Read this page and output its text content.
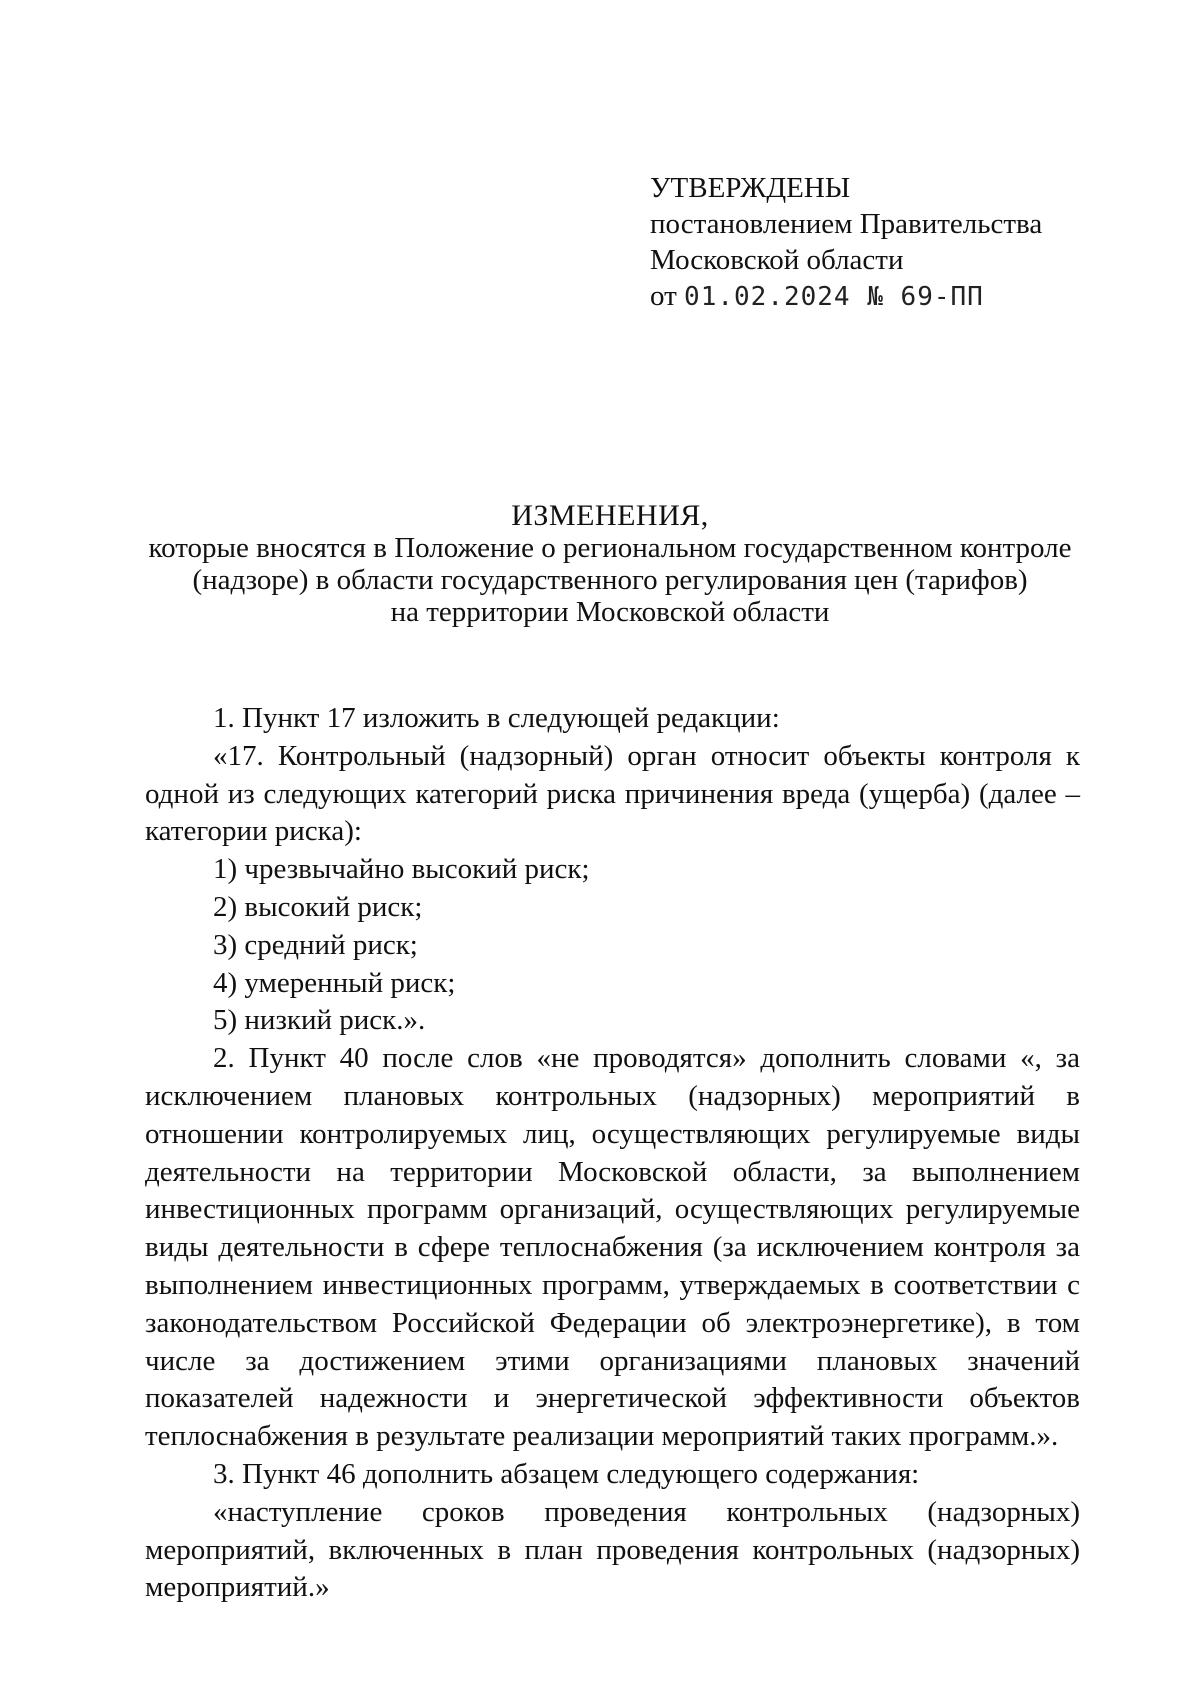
УТВЕРЖДЕНЫ
постановлением Правительства
Московской области
от 01.02.2024 № 69-ПП
ИЗМЕНЕНИЯ,
которые вносятся в Положение о региональном государственном контроле
(надзоре) в области государственного регулирования цен (тарифов)
на территории Московской области

1. Пункт 17 изложить в следующей редакции:

«17. Контрольный (надзорный) орган относит объекты контроля к одной из следующих категорий риска причинения вреда (ущерба) (далее – категории риска):

1) чрезвычайно высокий риск;

2) высокий риск;

3) средний риск;

4) умеренный риск;

5) низкий риск.».

2. Пункт 40 после слов «не проводятся» дополнить словами «, за исключением плановых контрольных (надзорных) мероприятий в отношении контролируемых лиц, осуществляющих регулируемые виды деятельности на территории Московской области, за выполнением инвестиционных программ организаций, осуществляющих регулируемые виды деятельности в сфере теплоснабжения (за исключением контроля за выполнением инвестиционных программ, утверждаемых в соответствии с законодательством Российской Федерации об электроэнергетике), в том числе за достижением этими организациями плановых значений показателей надежности и энергетической эффективности объектов теплоснабжения в результате реализации мероприятий таких программ.».

3. Пункт 46 дополнить абзацем следующего содержания:

«наступление сроков проведения контрольных (надзорных) мероприятий, включенных в план проведения контрольных (надзорных) мероприятий.»
